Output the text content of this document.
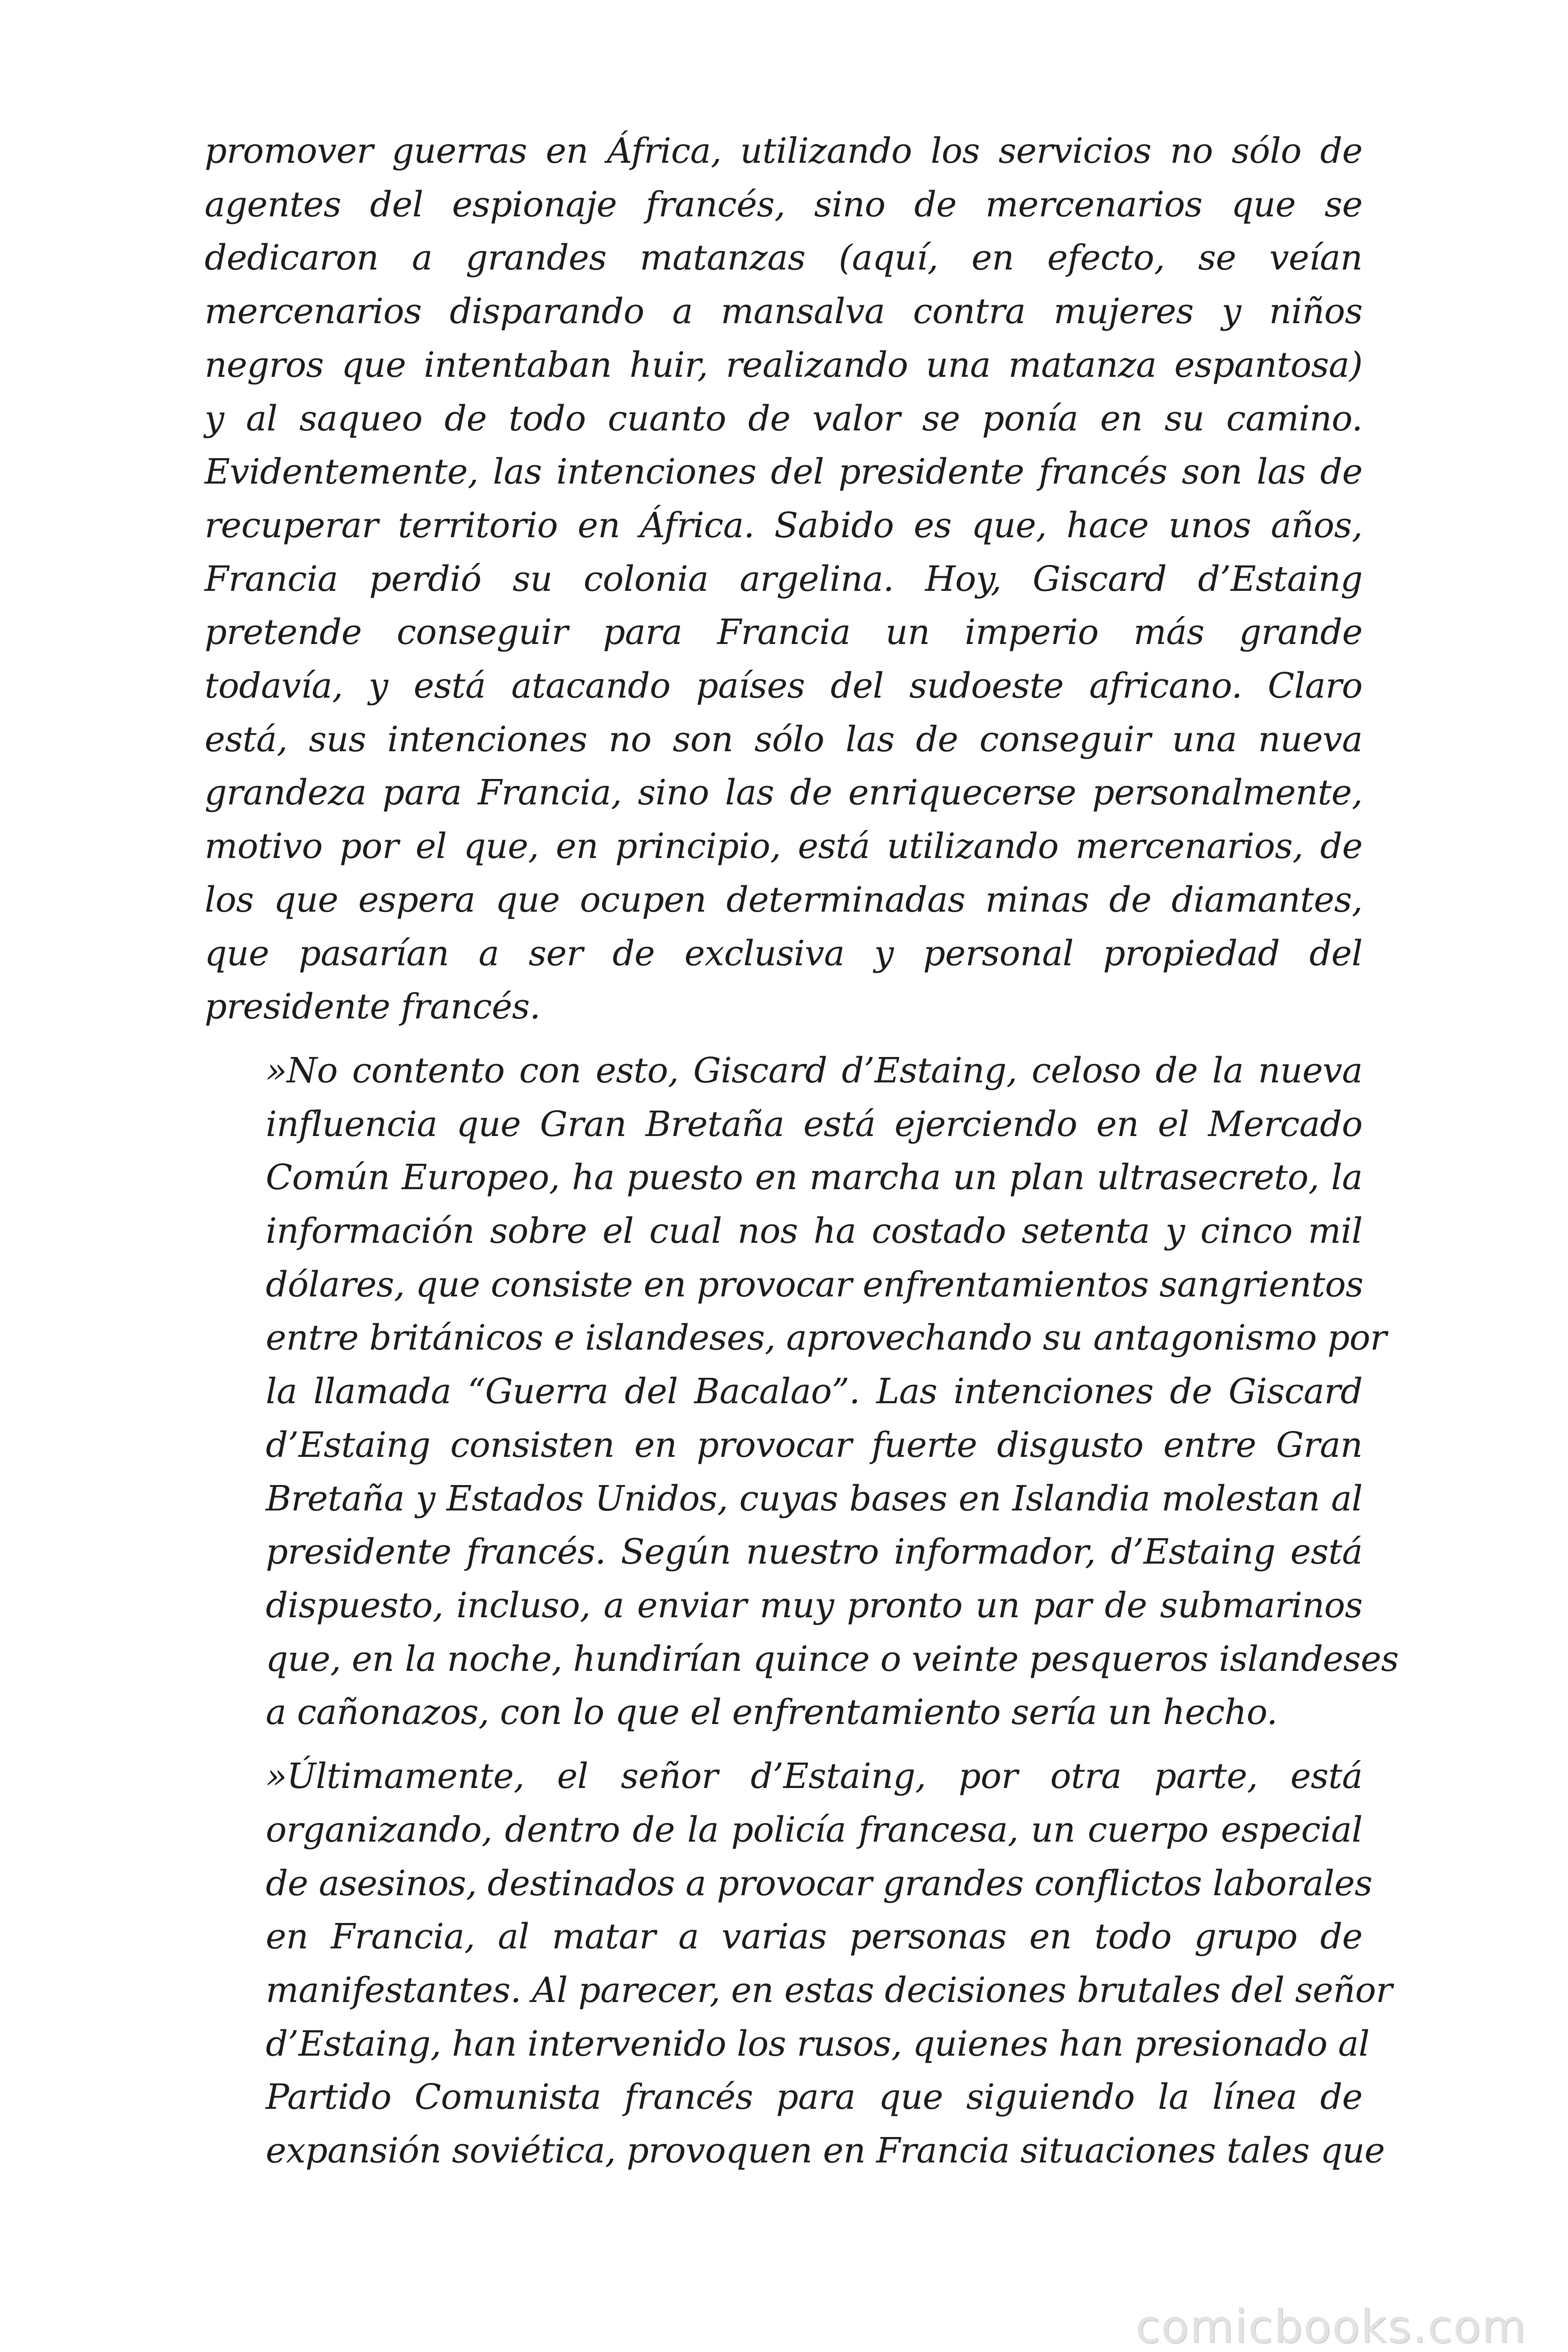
promover guerras en África, utilizando los servicios no sólo de
agentes del espionaje francés, sino de mercenarios que se
dedicaron a grandes matanzas (aquí, en efecto, se veían
mercenarios disparando a mansalva contra mujeres y niños
negros que intentaban huir, realizando una matanza espantosa)
y al saqueo de todo cuanto de valor se ponía en su camino.
Evidentemente, las intenciones del presidente francés son las de
recuperar territorio en África. Sabido es que, hace unos años,
Francia perdió su colonia argelina. Hoy, Giscard d’Estaing
pretende conseguir para Francia un imperio más grande
todavía, y está atacando países del sudoeste africano. Claro
está, sus intenciones no son sólo las de conseguir una nueva
grandeza para Francia, sino las de enriquecerse personalmente,
motivo por el que, en principio, está utilizando mercenarios, de
los que espera que ocupen determinadas minas de diamantes,
que pasarían a ser de exclusiva y personal propiedad del
presidente francés.

»No contento con esto, Giscard d’Estaing, celoso de la nueva
influencia que Gran Bretaña está ejerciendo en el Mercado
Común Europeo, ha puesto en marcha un plan ultrasecreto, la
información sobre el cual nos ha costado setenta y cinco mil
dólares, que consiste en provocar enfrentamientos sangrientos
entre británicos e islandeses, aprovechando su antagonismo por
la llamada “Guerra del Bacalao”. Las intenciones de Giscard
d’Estaing consisten en provocar fuerte disgusto entre Gran
Bretaña y Estados Unidos, cuyas bases en Islandia molestan al
presidente francés. Según nuestro informador, d’Estaing está
dispuesto, incluso, a enviar muy pronto un par de submarinos
que, en la noche, hundirían quince o veinte pesqueros islandeses
a cañonazos, con lo que el enfrentamiento sería un hecho.

»Últimamente, el señor d’Estaing, por otra parte, está
organizando, dentro de la policía francesa, un cuerpo especial
de asesinos, destinados a provocar grandes conflictos laborales
en Francia, al matar a varias personas en todo grupo de
manifestantes. Al parecer, en estas decisiones brutales del señor
d’Estaing, han intervenido los rusos, quienes han presionado al
Partido Comunista francés para que siguiendo la línea de
expansión soviética, provoquen en Francia situaciones tales que

comicbooks.com
